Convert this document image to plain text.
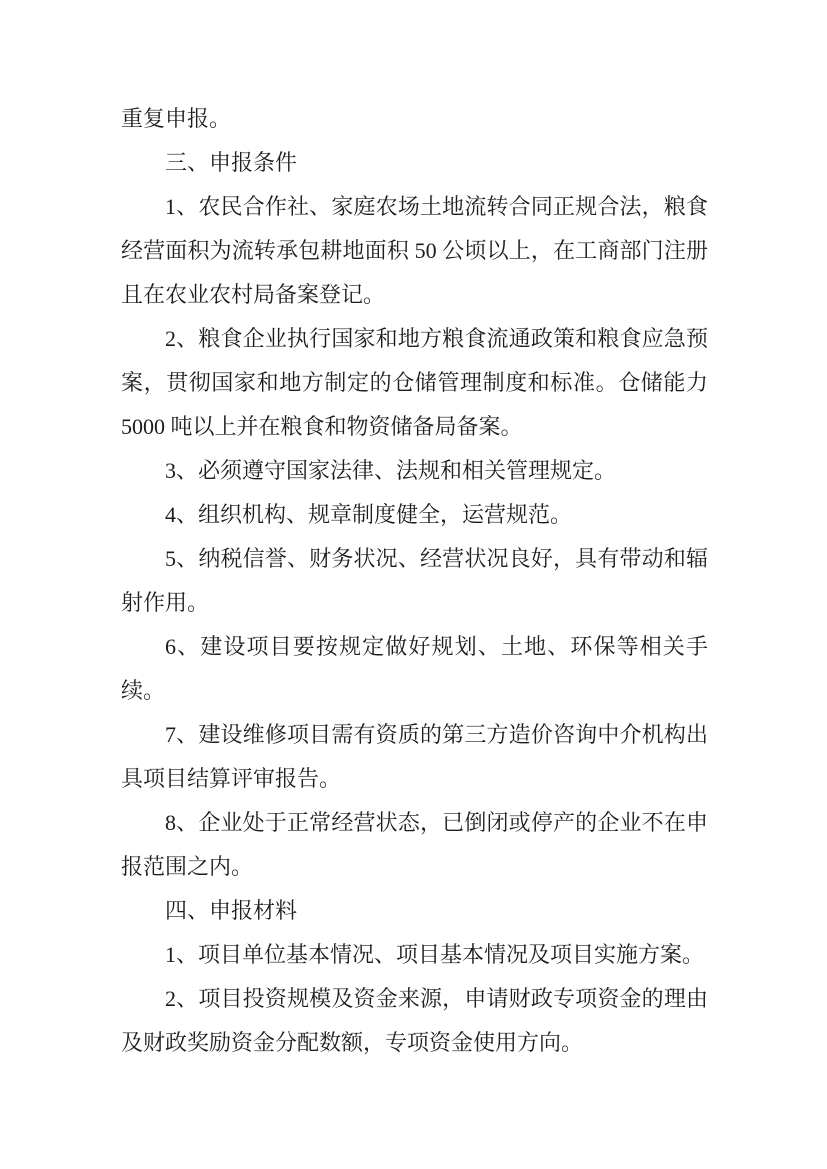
重复申报。

三、申报条件

1、农民合作社、家庭农场土地流转合同正规合法，粮食经营面积为流转承包耕地面积 50 公顷以上，在工商部门注册且在农业农村局备案登记。

2、粮食企业执行国家和地方粮食流通政策和粮食应急预案，贯彻国家和地方制定的仓储管理制度和标准。仓储能力 5000 吨以上并在粮食和物资储备局备案。

3、必须遵守国家法律、法规和相关管理规定。

4、组织机构、规章制度健全，运营规范。

5、纳税信誉、财务状况、经营状况良好，具有带动和辐射作用。

6、建设项目要按规定做好规划、土地、环保等相关手续。

7、建设维修项目需有资质的第三方造价咨询中介机构出具项目结算评审报告。

8、企业处于正常经营状态，已倒闭或停产的企业不在申报范围之内。

四、申报材料

1、项目单位基本情况、项目基本情况及项目实施方案。

2、项目投资规模及资金来源，申请财政专项资金的理由及财政奖励资金分配数额，专项资金使用方向。
